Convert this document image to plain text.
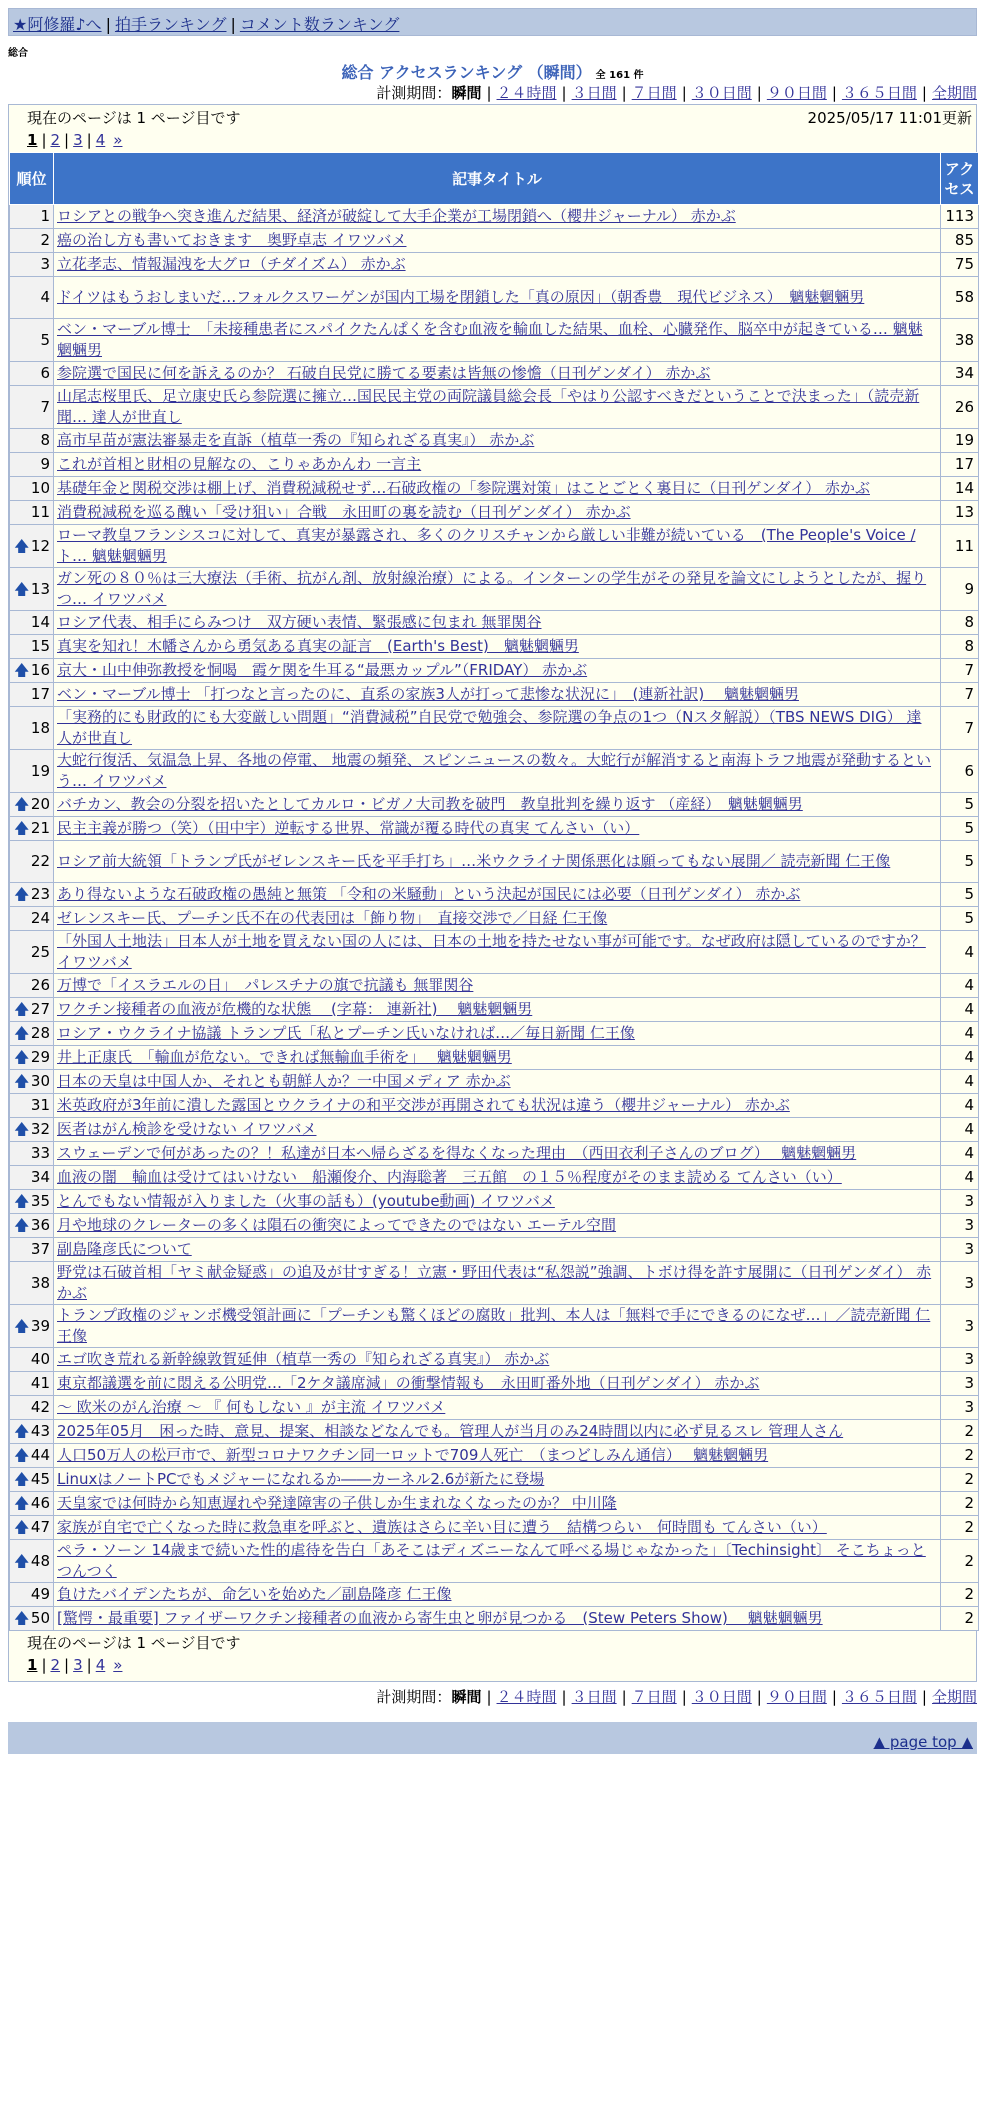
★阿修羅♪へ | 拍手ランキング | コメント数ランキング
総合
総合 アクセスランキング （瞬間） 全 161 件
計測期間：瞬間 | ２４時間 | ３日間 | ７日間 | ３０日間 | ９０日間 | ３６５日間 | 全期間
現在のページは 1 ページ目です	2025/05/17 11:01更新
1 | 2 | 3 | 4 »
順位	記事タイトル	アクセス
1	ロシアとの戦争へ突き進んだ結果、経済が破綻して大手企業が工場閉鎖へ（櫻井ジャーナル） 赤かぶ	113
2	癌の治し方も書いておきます　奥野卓志 イワツバメ	85
3	立花孝志、情報漏洩を大グロ（チダイズム） 赤かぶ	75
4	ドイツはもうおしまいだ…フォルクスワーゲンが国内工場を閉鎖した「真の原因」（朝香豊　現代ビジネス）　魑魅魍魎男	58
5	ベン・マーブル博士　「未接種患者にスパイクたんぱくを含む血液を輸血した結果、血栓、心臓発作、脳卒中が起きている… 魑魅魍魎男	38
6	参院選で国民に何を訴えるのか？ 石破自民党に勝てる要素は皆無の惨憺（日刊ゲンダイ） 赤かぶ	34
7	山尾志桜里氏、足立康史氏ら参院選に擁立…国民民主党の両院議員総会長「やはり公認すべきだということで決まった」（読売新聞… 達人が世直し	26
8	高市早苗が憲法審暴走を直訴（植草一秀の『知られざる真実』） 赤かぶ	19
9	これが首相と財相の見解なの、こりゃあかんわ 一言主	17
10	基礎年金と関税交渉は棚上げ、消費税減税せず…石破政権の「参院選対策」はことごとく裏目に（日刊ゲンダイ） 赤かぶ	14
11	消費税減税を巡る醜い「受け狙い」合戦　永田町の裏を読む（日刊ゲンダイ） 赤かぶ	13

🡅 12	ローマ教皇フランシスコに対して、真実が暴露され、多くのクリスチャンから厳しい非難が続いている　(The People's Voice / ト… 魑魅魍魎男	11

🡅 13	ガン死の８０％は三大療法（手術、抗がん剤、放射線治療）による。インターンの学生がその発見を論文にしようとしたが、握りつ… イワツバメ	9
14	ロシア代表、相手にらみつけ　双方硬い表情、緊張感に包まれ 無罪関谷	8
15	真実を知れ！木幡さんから勇気ある真実の証言　(Earth's Best)　魑魅魍魎男	8

🡅 16	京大・山中伸弥教授を恫喝　霞ケ関を牛耳る“最悪カップル”（FRIDAY） 赤かぶ	7
17	ベン・マーブル博士 「打つなと言ったのに、直系の家族3人が打って悲惨な状況に」　(連新社訳)　 魑魅魍魎男	7
18	「実務的にも財政的にも大変厳しい問題」“消費減税”自民党で勉強会、参院選の争点の1つ（Nスタ解説）（TBS NEWS DIG） 達人が世直し	7
19	大蛇行復活、気温急上昇、各地の停電、 地震の頻発、スピンニュースの数々。大蛇行が解消すると南海トラフ地震が発動するという… イワツバメ	6

🡅 20	バチカン、教会の分裂を招いたとしてカルロ・ビガノ大司教を破門　教皇批判を繰り返す （産経）　魑魅魍魎男	5

🡅 21	民主主義が勝つ（笑）（田中宇）逆転する世界、常識が覆る時代の真実 てんさい（い）	5
22	ロシア前大統領「トランプ氏がゼレンスキー氏を平手打ち」…米ウクライナ関係悪化は願ってもない展開／ 読売新聞 仁王像	5

🡅 23	あり得ないような石破政権の愚純と無策 「令和の米騒動」という決起が国民には必要（日刊ゲンダイ） 赤かぶ	5
24	ゼレンスキー氏、プーチン氏不在の代表団は「飾り物」　直接交渉で／日経 仁王像	5
25	「外国人土地法」日本人が土地を買えない国の人には、日本の土地を持たせない事が可能です。なぜ政府は隠しているのですか？ イワツバメ	4
26	万博で「イスラエルの日」　パレスチナの旗で抗議も 無罪関谷	4

🡅 27	ワクチン接種者の血液が危機的な状態　 (字幕： 連新社)　 魑魅魍魎男	4

🡅 28	ロシア・ウクライナ協議 トランプ氏「私とプーチン氏いなければ…／毎日新聞 仁王像	4

🡅 29	井上正康氏　「輸血が危ない。できれば無輸血手術を」　 魑魅魍魎男	4

🡅 30	日本の天皇は中国人か、それとも朝鮮人か？一中国メディア 赤かぶ	4
31	米英政府が3年前に潰した露国とウクライナの和平交渉が再開されても状況は違う（櫻井ジャーナル） 赤かぶ	4

🡅 32	医者はがん検診を受けない イワツバメ	4
33	スウェーデンで何があったの？！私達が日本へ帰らざるを得なくなった理由　（西田衣利子さんのブログ）　 魑魅魍魎男	4
34	血液の闇　輸血は受けてはいけない　船瀬俊介、内海聡著　三五館　の１５％程度がそのまま読める てんさい（い）	4

🡅 35	とんでもない情報が入りました（火事の話も）(youtube動画) イワツバメ	3

🡅 36	月や地球のクレーターの多くは隕石の衝突によってできたのではない エーテル空間	3
37	副島隆彦氏について	3
38	野党は石破首相「ヤミ献金疑惑」の追及が甘すぎる！立憲・野田代表は“私怨説”強調、トボけ得を許す展開に（日刊ゲンダイ） 赤かぶ	3

🡅 39	トランプ政権のジャンボ機受領計画に「プーチンも驚くほどの腐敗」批判、本人は「無料で手にできるのになぜ…」／読売新聞 仁王像	3
40	エゴ吹き荒れる新幹線敦賀延伸（植草一秀の『知られざる真実』） 赤かぶ	3
41	東京都議選を前に悶える公明党…「2ケタ議席減」の衝撃情報も　永田町番外地（日刊ゲンダイ） 赤かぶ	3
42	～ 欧米のがん治療 ～ 『 何もしない 』が主流 イワツバメ	3

🡅 43	2025年05月　困った時、意見、提案、相談などなんでも。管理人が当月のみ24時間以内に必ず見るスレ 管理人さん	2

🡅 44	人口50万人の松戸市で、新型コロナワクチン同一ロットで709人死亡　（まつどしみん通信）　 魑魅魍魎男	2

🡅 45	LinuxはノートPCでもメジャーになれるか――カーネル2.6が新たに登場	2

🡅 46	天皇家では何時から知恵遅れや発達障害の子供しか生まれなくなったのか？ 中川隆	2

🡅 47	家族が自宅で亡くなった時に救急車を呼ぶと、遺族はさらに辛い目に遭う　結構つらい　何時間も てんさい（い）	2

🡅 48	ペラ・ソーン 14歳まで続いた性的虐待を告白「あそこはディズニーなんて呼べる場じゃなかった」〔Techinsight〕 そこちょっとつんつく	2
49	負けたバイデンたちが、命乞いを始めた／副島隆彦 仁王像	2

🡅 50	[驚愕・最重要] ファイザーワクチン接種者の血液から寄生虫と卵が見つかる　(Stew Peters Show)　 魑魅魍魎男	2
現在のページは 1 ページ目です
1 | 2 | 3 | 4 »
計測期間：瞬間 | ２４時間 | ３日間 | ７日間 | ３０日間 | ９０日間 | ３６５日間 | 全期間
▲ page top ▲
